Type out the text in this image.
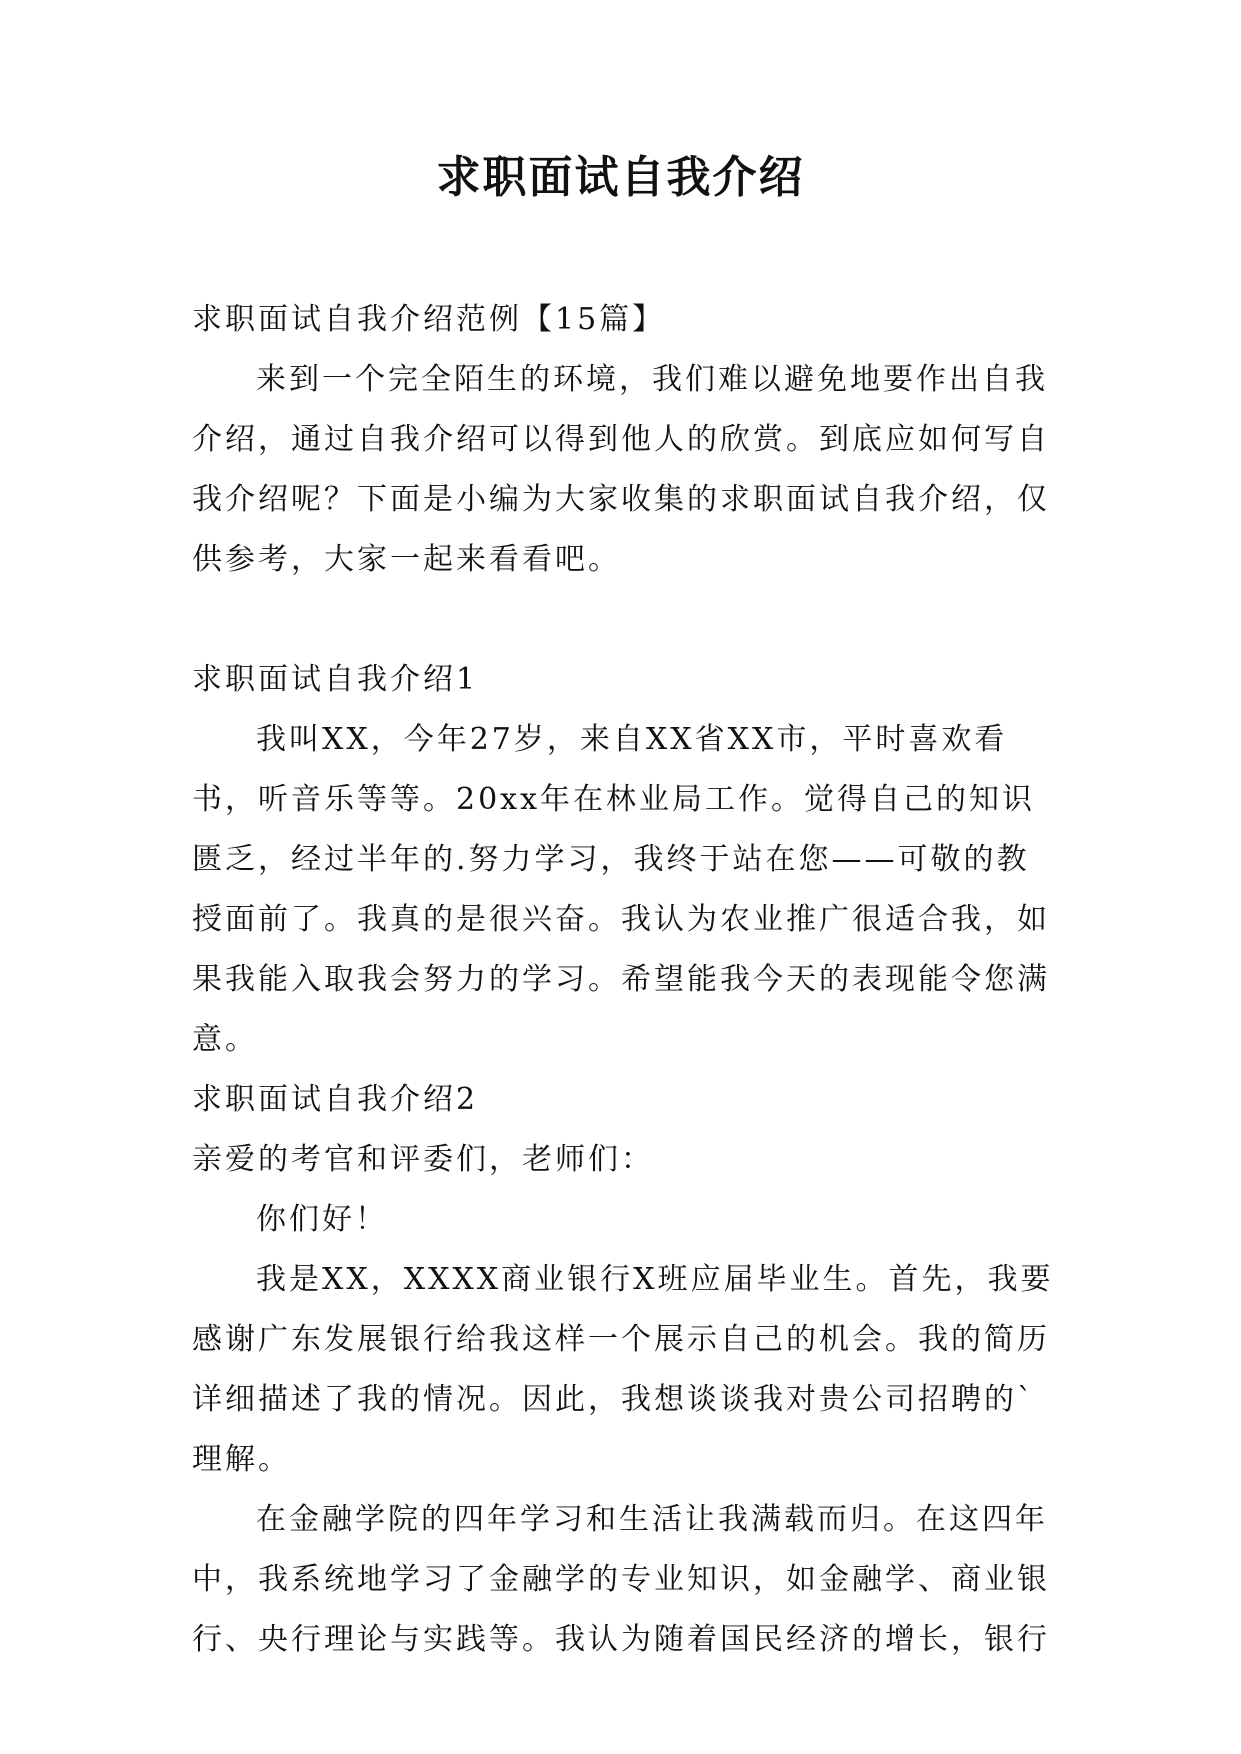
求职面试自我介绍

求职面试自我介绍范例【15篇】

来到一个完全陌生的环境，我们难以避免地要作出自我介绍，通过自我介绍可以得到他人的欣赏。到底应如何写自我介绍呢？下面是小编为大家收集的求职面试自我介绍，仅供参考，大家一起来看看吧。

求职面试自我介绍1

我叫XX，今年27岁，来自XX省XX市，平时喜欢看书，听音乐等等。20xx年在林业局工作。觉得自己的知识匮乏，经过半年的.努力学习，我终于站在您——可敬的教授面前了。我真的是很兴奋。我认为农业推广很适合我，如果我能入取我会努力的学习。希望能我今天的表现能令您满意。

求职面试自我介绍2

亲爱的考官和评委们，老师们：

你们好！

我是XX，XXXX商业银行X班应届毕业生。首先，我要感谢广东发展银行给我这样一个展示自己的机会。我的简历详细描述了我的情况。因此，我想谈谈我对贵公司招聘的`理解。

在金融学院的四年学习和生活让我满载而归。在这四年中，我系统地学习了金融学的专业知识，如金融学、商业银行、央行理论与实践等。我认为随着国民经济的增长，银行
